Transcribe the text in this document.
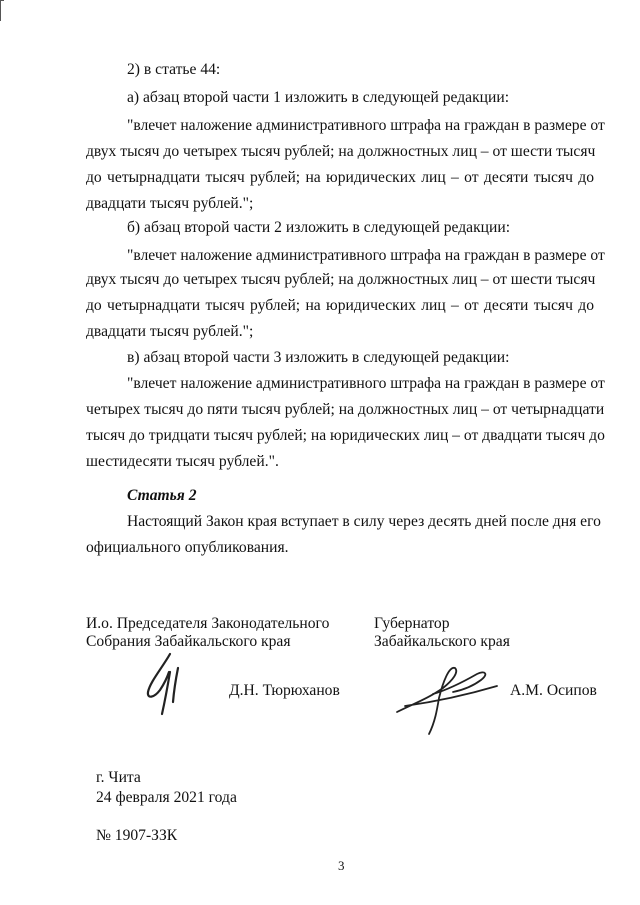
2) в статье 44:

а) абзац второй части 1 изложить в следующей редакции:

"влечет наложение административного штрафа на граждан в размере от

двух тысяч до четырех тысяч рублей; на должностных лиц – от шести тысяч

до четырнадцати тысяч рублей; на юридических лиц – от десяти тысяч до

двадцати тысяч рублей.";

б) абзац второй части 2 изложить в следующей редакции:

"влечет наложение административного штрафа на граждан в размере от

двух тысяч до четырех тысяч рублей; на должностных лиц – от шести тысяч

до четырнадцати тысяч рублей; на юридических лиц – от десяти тысяч до

двадцати тысяч рублей.";

в) абзац второй части 3 изложить в следующей редакции:

"влечет наложение административного штрафа на граждан в размере от

четырех тысяч до пяти тысяч рублей; на должностных лиц – от четырнадцати

тысяч до тридцати тысяч рублей; на юридических лиц – от двадцати тысяч до

шестидесяти тысяч рублей.".

Статья 2

Настоящий Закон края вступает в силу через десять дней после дня его

официального опубликования.

И.о. Председателя Законодательного

Собрания Забайкальского края

Губернатор

Забайкальского края

Д.Н. Тюрюханов	А.М. Осипов

г. Чита

24 февраля 2021 года

№ 1907-ЗЗК

3
